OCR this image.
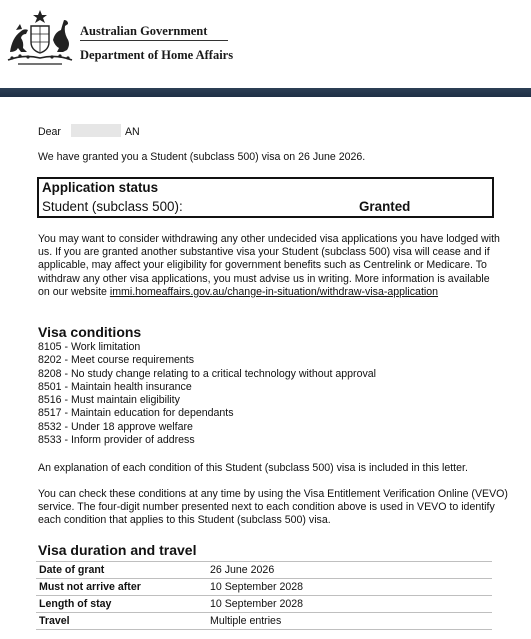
Australian Government
Department of Home Affairs
Dear	AN
We have granted you a Student (subclass 500) visa on 26 June 2026.
Application status
Student (subclass 500):	Granted
You may want to consider withdrawing any other undecided visa applications you have lodged with us. If you are granted another substantive visa your Student (subclass 500) visa will cease and if applicable, may affect your eligibility for government benefits such as Centrelink or Medicare. To withdraw any other visa applications, you must advise us in writing. More information is available on our website immi.homeaffairs.gov.au/change-in-situation/withdraw-visa-application
Visa conditions
8105 - Work limitation
8202 - Meet course requirements
8208 - No study change relating to a critical technology without approval
8501 - Maintain health insurance
8516 - Must maintain eligibility
8517 - Maintain education for dependants
8532 - Under 18 approve welfare
8533 - Inform provider of address
An explanation of each condition of this Student (subclass 500) visa is included in this letter.
You can check these conditions at any time by using the Visa Entitlement Verification Online (VEVO) service. The four-digit number presented next to each condition above is used in VEVO to identify each condition that applies to this Student (subclass 500) visa.
Visa duration and travel
Date of grant	26 June 2026
Must not arrive after	10 September 2028
Length of stay	10 September 2028
Travel	Multiple entries
